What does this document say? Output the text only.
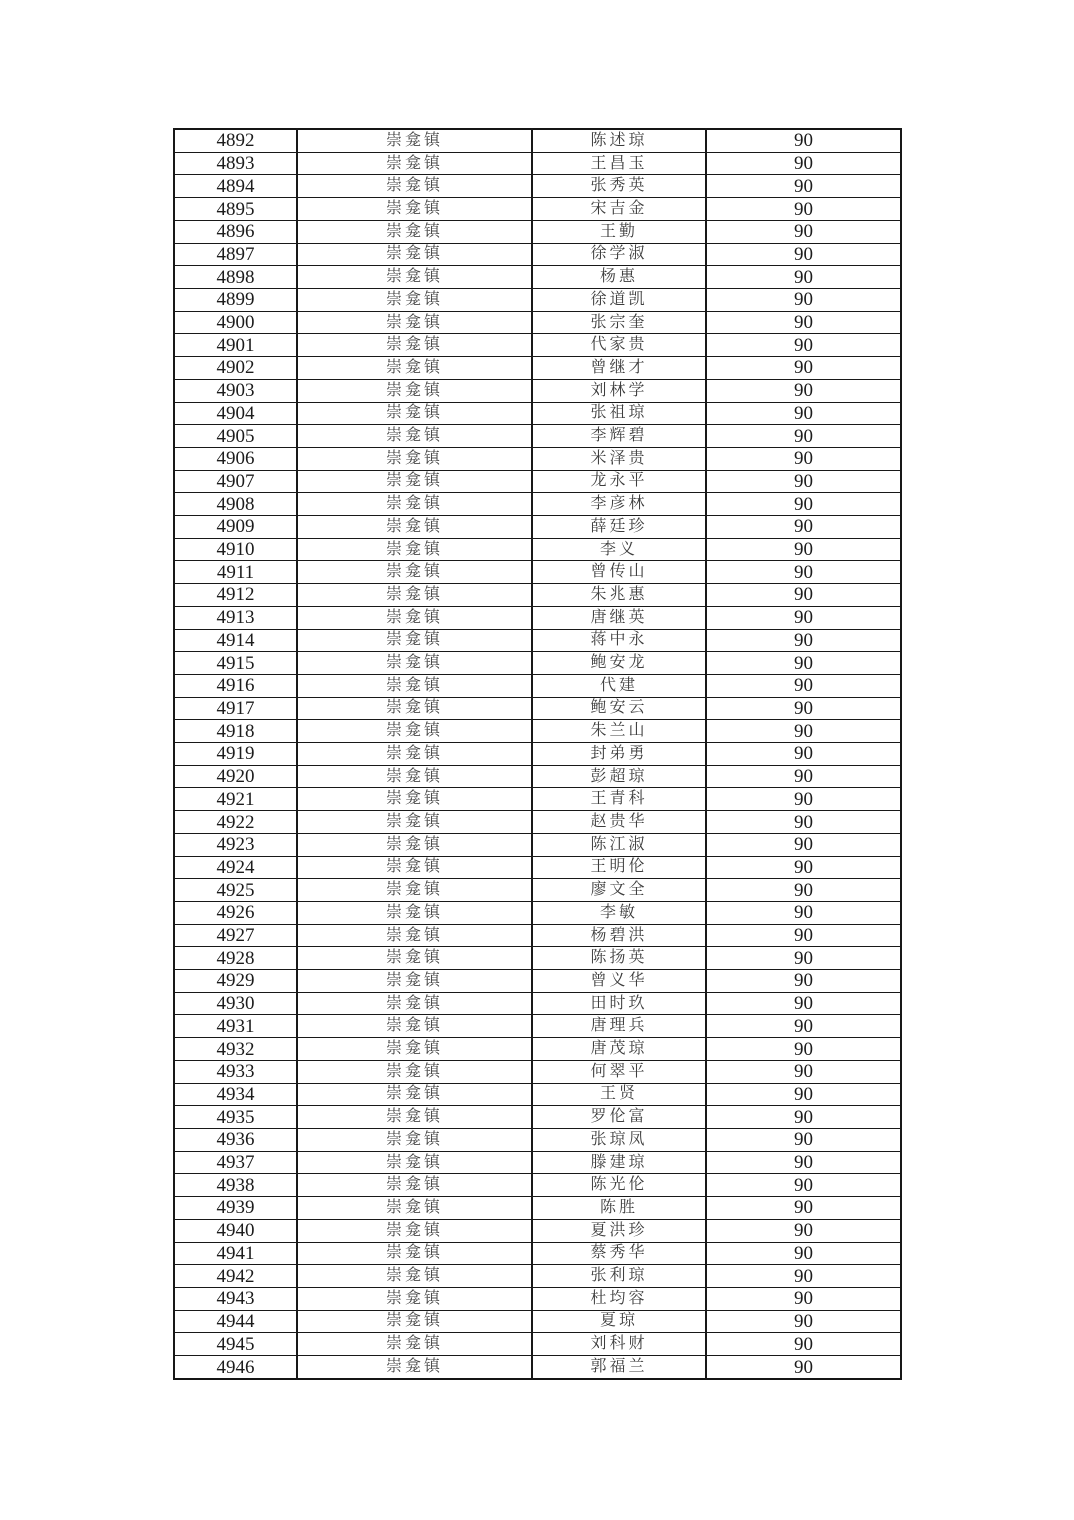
4892	崇龛镇	陈述琼	90
4893	崇龛镇	王昌玉	90
4894	崇龛镇	张秀英	90
4895	崇龛镇	宋吉金	90
4896	崇龛镇	王勤	90
4897	崇龛镇	徐学淑	90
4898	崇龛镇	杨惠	90
4899	崇龛镇	徐道凯	90
4900	崇龛镇	张宗奎	90
4901	崇龛镇	代家贵	90
4902	崇龛镇	曾继才	90
4903	崇龛镇	刘林学	90
4904	崇龛镇	张祖琼	90
4905	崇龛镇	李辉碧	90
4906	崇龛镇	米泽贵	90
4907	崇龛镇	龙永平	90
4908	崇龛镇	李彦林	90
4909	崇龛镇	薛廷珍	90
4910	崇龛镇	李义	90
4911	崇龛镇	曾传山	90
4912	崇龛镇	朱兆惠	90
4913	崇龛镇	唐继英	90
4914	崇龛镇	蒋中永	90
4915	崇龛镇	鲍安龙	90
4916	崇龛镇	代建	90
4917	崇龛镇	鲍安云	90
4918	崇龛镇	朱兰山	90
4919	崇龛镇	封弟勇	90
4920	崇龛镇	彭超琼	90
4921	崇龛镇	王青科	90
4922	崇龛镇	赵贵华	90
4923	崇龛镇	陈江淑	90
4924	崇龛镇	王明伦	90
4925	崇龛镇	廖文全	90
4926	崇龛镇	李敏	90
4927	崇龛镇	杨碧洪	90
4928	崇龛镇	陈扬英	90
4929	崇龛镇	曾义华	90
4930	崇龛镇	田时玖	90
4931	崇龛镇	唐理兵	90
4932	崇龛镇	唐茂琼	90
4933	崇龛镇	何翠平	90
4934	崇龛镇	王贤	90
4935	崇龛镇	罗伦富	90
4936	崇龛镇	张琼凤	90
4937	崇龛镇	滕建琼	90
4938	崇龛镇	陈光伦	90
4939	崇龛镇	陈胜	90
4940	崇龛镇	夏洪珍	90
4941	崇龛镇	蔡秀华	90
4942	崇龛镇	张利琼	90
4943	崇龛镇	杜均容	90
4944	崇龛镇	夏琼	90
4945	崇龛镇	刘科财	90
4946	崇龛镇	郭福兰	90
